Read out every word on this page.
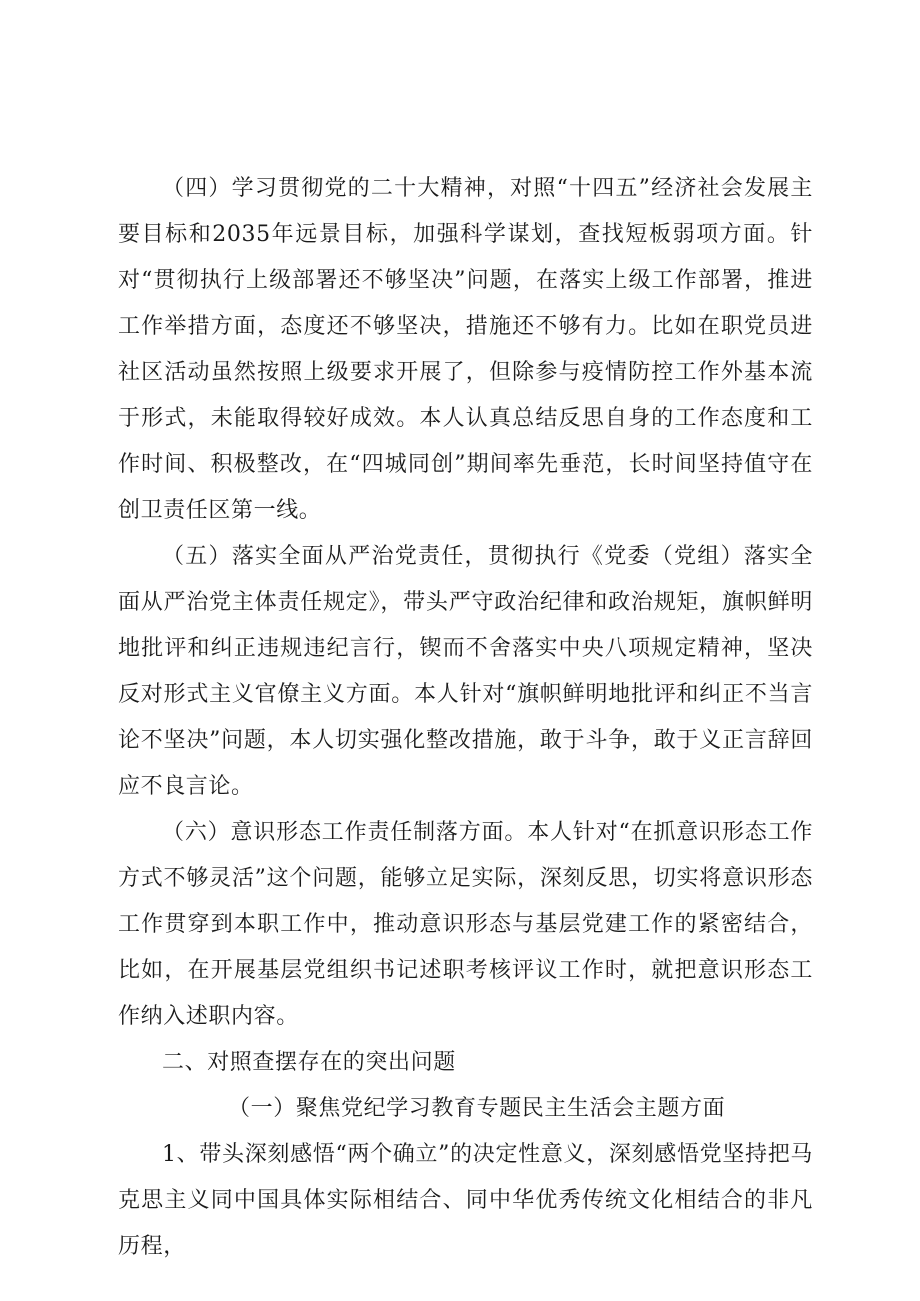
（四）学习贯彻党的二十大精神，对照“十四五”经济社会发展主要目标和2035年远景目标，加强科学谋划，查找短板弱项方面。针对“贯彻执行上级部署还不够坚决”问题，在落实上级工作部署，推进工作举措方面，态度还不够坚决，措施还不够有力。比如在职党员进社区活动虽然按照上级要求开展了，但除参与疫情防控工作外基本流于形式，未能取得较好成效。本人认真总结反思自身的工作态度和工作时间、积极整改，在“四城同创”期间率先垂范，长时间坚持值守在创卫责任区第一线。

（五）落实全面从严治党责任，贯彻执行《党委（党组）落实全面从严治党主体责任规定》，带头严守政治纪律和政治规矩，旗帜鲜明地批评和纠正违规违纪言行，锲而不舍落实中央八项规定精神，坚决反对形式主义官僚主义方面。本人针对“旗帜鲜明地批评和纠正不当言论不坚决”问题，本人切实强化整改措施，敢于斗争，敢于义正言辞回应不良言论。

（六）意识形态工作责任制落方面。本人针对“在抓意识形态工作方式不够灵活”这个问题，能够立足实际，深刻反思，切实将意识形态工作贯穿到本职工作中，推动意识形态与基层党建工作的紧密结合，比如，在开展基层党组织书记述职考核评议工作时，就把意识形态工作纳入述职内容。

二、对照查摆存在的突出问题

（一）聚焦党纪学习教育专题民主生活会主题方面

1、带头深刻感悟“两个确立”的决定性意义，深刻感悟党坚持把马克思主义同中国具体实际相结合、同中华优秀传统文化相结合的非凡历程，
